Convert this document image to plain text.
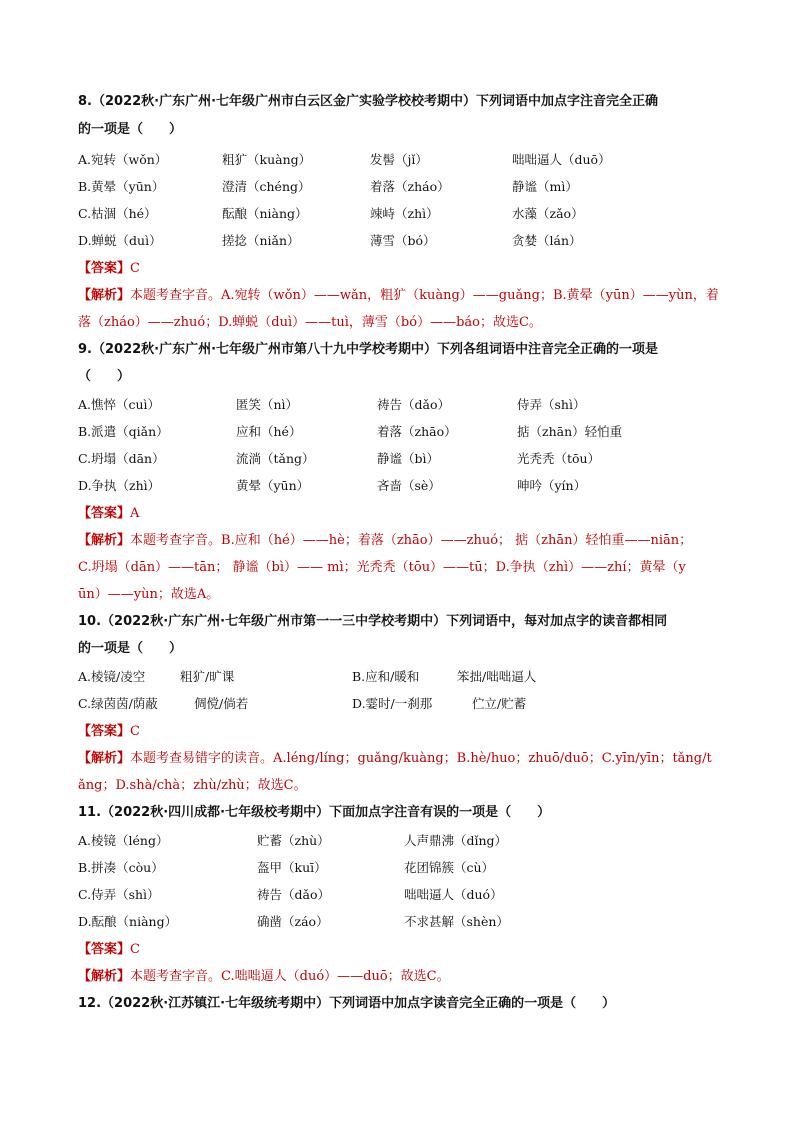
8.（2022秋·广东广州·七年级广州市白云区金广实验学校校考期中）下列词语中加点字注音完全正确
的一项是（　　）
A.宛转（wǒn）	粗犷（kuàng）	发髻（jǐ）	咄咄逼人（duō）
B.黄晕（yūn）	澄清（chéng）	着落（zháo）	静谧（mì）
C.枯涸（hé）	酝酿（niàng）	竦峙（zhì）	水藻（zǎo）
D.蝉蜕（duì）	搓捻（niǎn）	薄雪（bó）	贪婪（lán）
【答案】C
【解析】本题考查字音。A.宛转（wǒn）——wǎn，粗犷（kuàng）——guǎng；B.黄晕（yūn）——yùn，着
落（zháo）——zhuó；D.蝉蜕（duì）——tuì，薄雪（bó）——báo；故选C。
9.（2022秋·广东广州·七年级广州市第八十九中学校考期中）下列各组词语中注音完全正确的一项是
（　　）
A.憔悴（cuì）	匿笑（nì）	祷告（dǎo）	侍弄（shì）
B.派遣（qiǎn）	应和（hé）	着落（zhāo）	掂（zhān）轻怕重
C.坍塌（dān）	流淌（tǎng）	静谧（bì）	光秃秃（tōu）
D.争执（zhì）	黄晕（yūn）	吝啬（sè）	呻吟（yín）
【答案】A
【解析】本题考查字音。B.应和（hé）——hè；着落（zhāo）——zhuó； 掂（zhān）轻怕重——niān；
C.坍塌（dān）——tān； 静谧（bì）—— mì；光秃秃（tōu）——tū；D.争执（zhì）——zhí；黄晕（y
ūn）——yùn；故选A。
10.（2022秋·广东广州·七年级广州市第一一三中学校考期中）下列词语中，每对加点字的读音都相同
的一项是（　　）
A.棱镜/凌空	粗犷/旷课	B.应和/暖和	笨拙/咄咄逼人
C.绿茵茵/荫蔽	倜傥/倘若	D.霎时/一刹那	伫立/贮蓄
【答案】C
【解析】本题考查易错字的读音。A.léng/líng；guǎng/kuàng；B.hè/huo；zhuō/duō；C.yīn/yīn；tǎng/t
ǎng；D.shà/chà；zhù/zhù；故选C。
11.（2022秋·四川成都·七年级校考期中）下面加点字注音有误的一项是（　　）
A.棱镜（léng）	贮蓄（zhù）	人声鼎沸（dǐng）
B.拼凑（còu）	盔甲（kuī）	花团锦簇（cù）
C.侍弄（shì）	祷告（dǎo）	咄咄逼人（duó）
D.酝酿（niàng）	确凿（záo）	不求甚解（shèn）
【答案】C
【解析】本题考查字音。C.咄咄逼人（duó）——duō；故选C。
12.（2022秋·江苏镇江·七年级统考期中）下列词语中加点字读音完全正确的一项是（　　）
